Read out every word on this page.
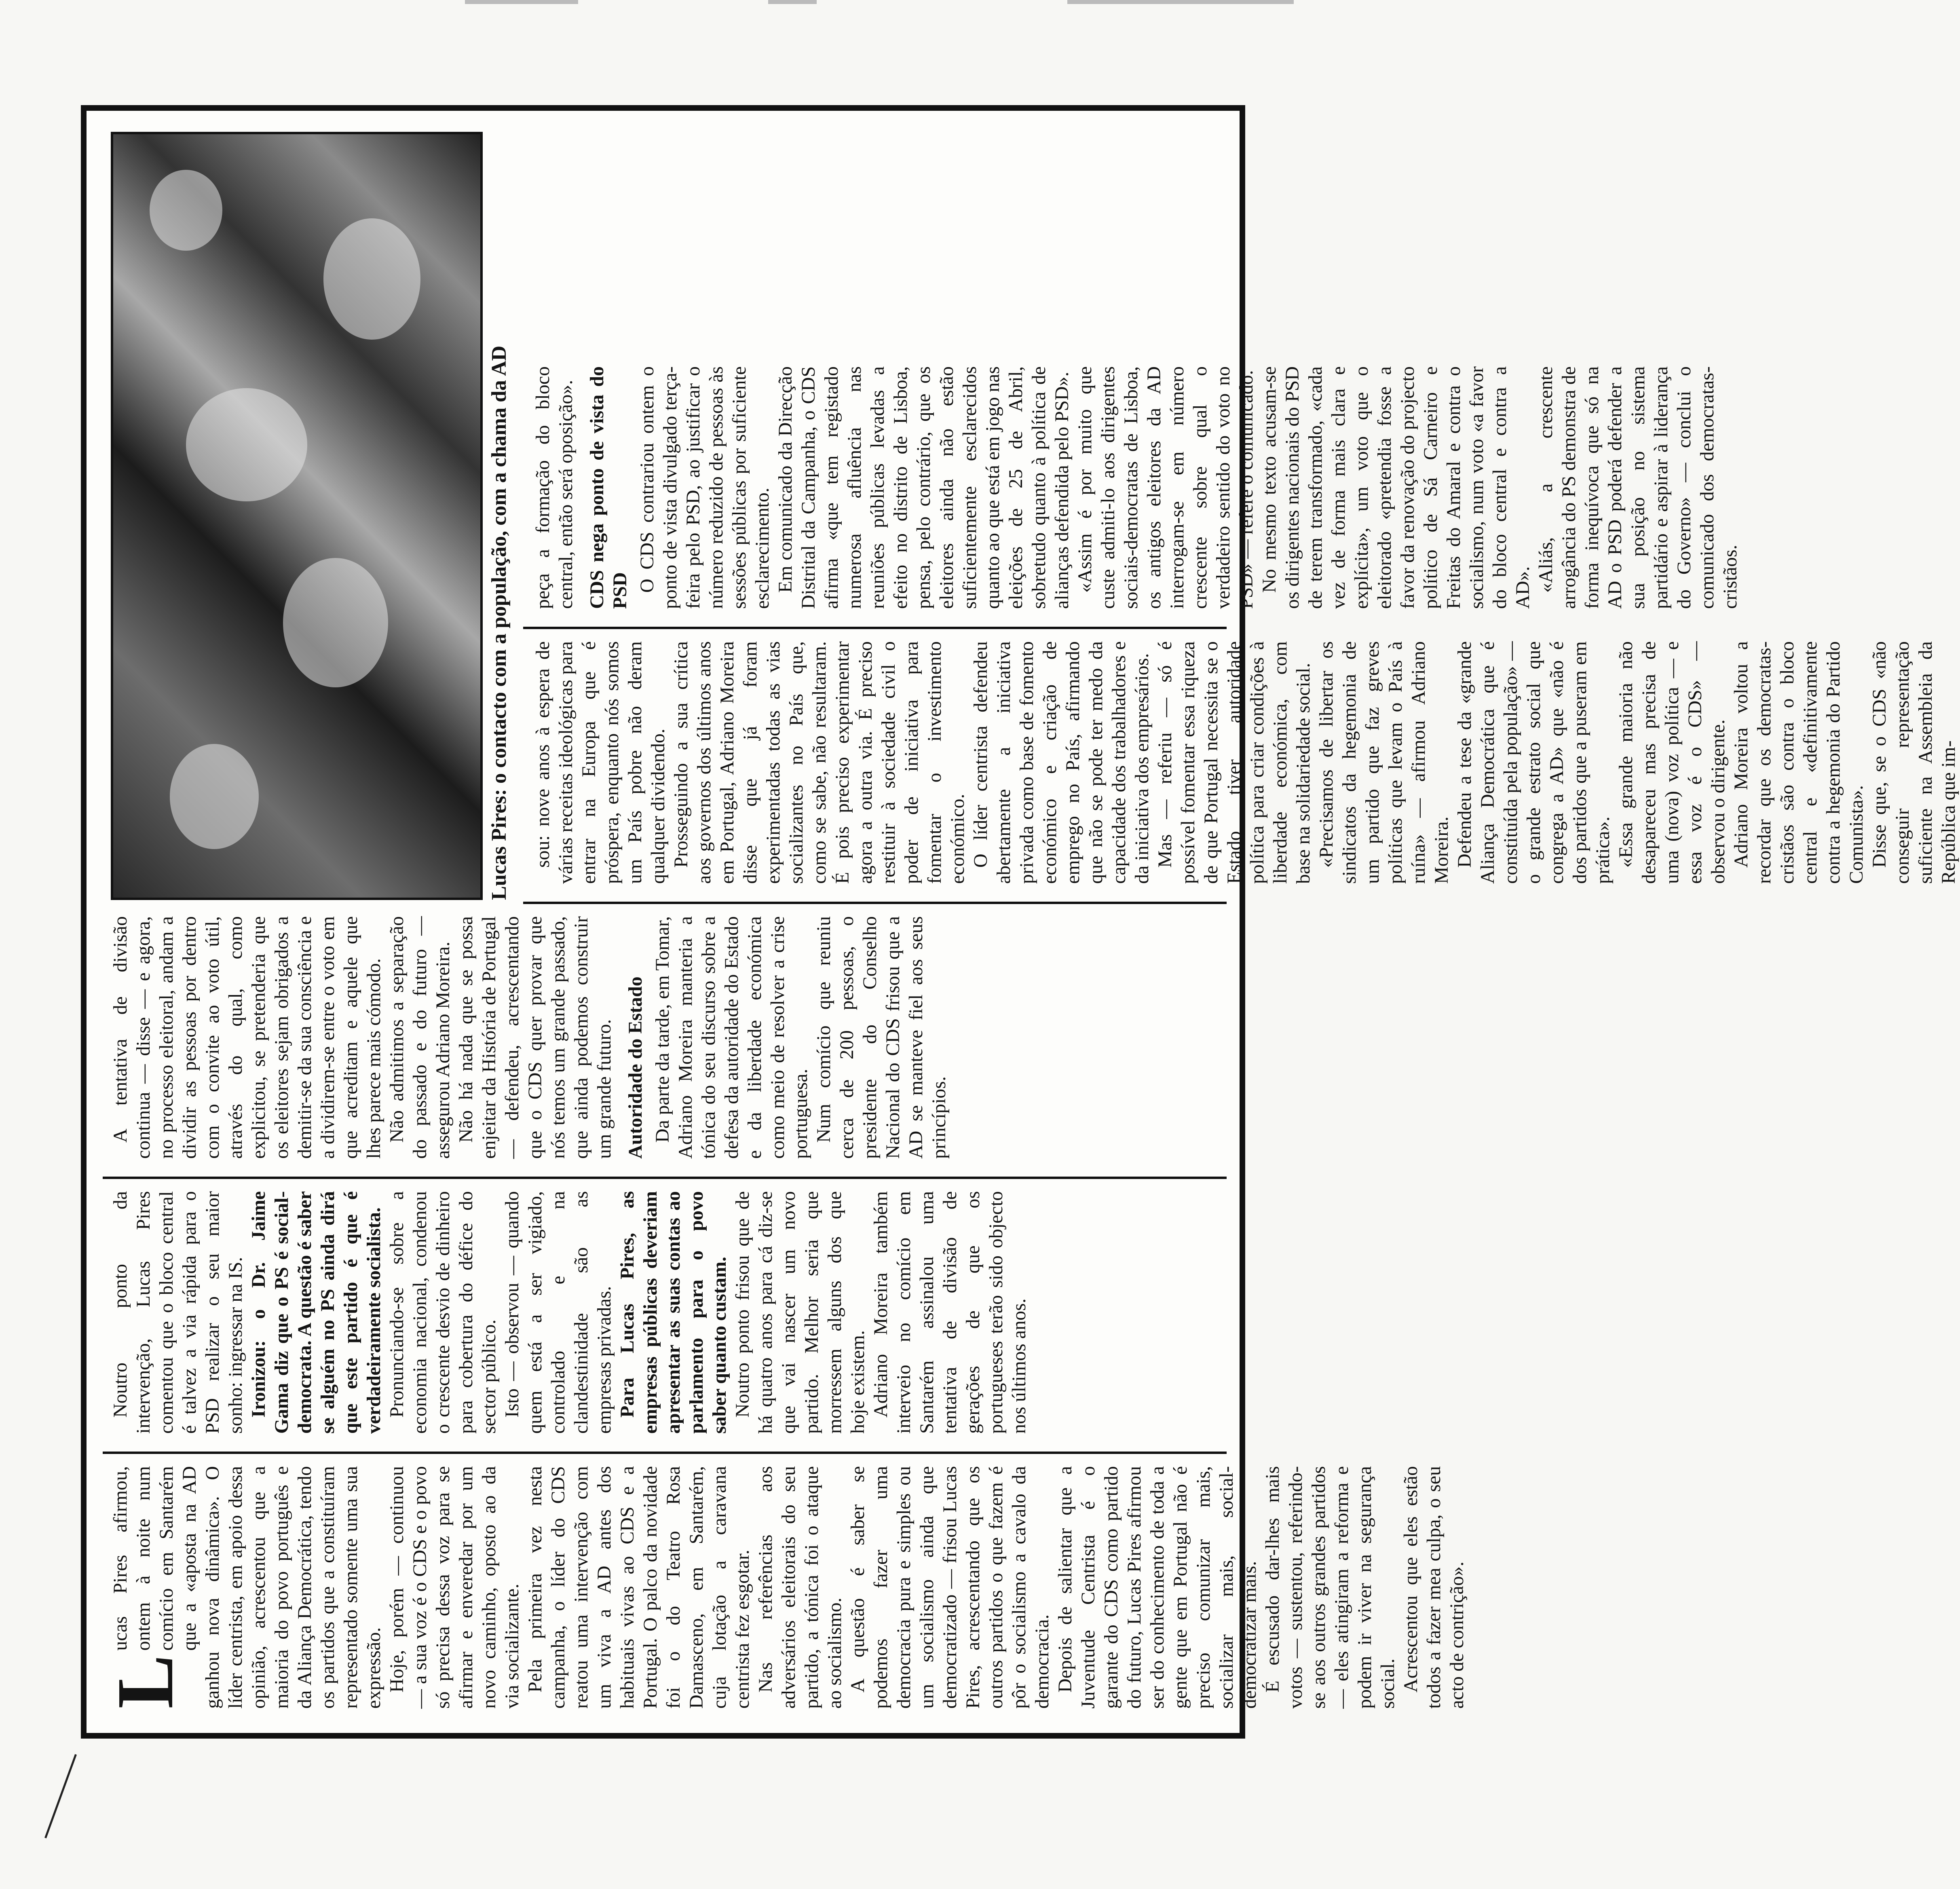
L
ucas Pires afirmou, ontem à noite num comício em Santarém que a «aposta na AD ganhou nova dinâmica». O líder centrista, em apoio dessa opinião, acrescentou que a maioria do povo português e da Aliança Democrática, tendo os partidos que a constituíram representado somente uma sua expressão. Hoje, porém — continuou — a sua voz é o CDS e o povo só precisa dessa voz para se afirmar e enveredar por um novo caminho, oposto ao da via socializante. Pela primeira vez nesta campanha, o líder do CDS reatou uma intervenção com um viva a AD antes dos habituais vivas ao CDS e a Portugal. O palco da novidade foi o do Teatro Rosa Damasceno, em Santarém, cuja lotação a caravana centrista fez esgotar. Nas referências aos adversários eleitorais do seu partido, a tónica foi o ataque ao socialismo. A questão é saber se podemos fazer uma democracia pura e simples ou um socialismo ainda que democratizado — frisou Lucas Pires, acrescentando que os outros partidos o que fazem é pôr o socialismo a cavalo da democracia. Depois de salientar que a Juventude Centrista é o garante do CDS como partido do futuro, Lucas Pires afirmou ser do conhecimento de toda a gente que em Portugal não é preciso comunizar mais, socializar mais, social-democratizar mais. É escusado dar-lhes mais votos — sustentou, referindo-se aos outros grandes partidos — eles atingiram a reforma e podem ir viver na segurança social. Acrescentou que eles estão todos a fazer mea culpa, o seu acto de contrição».

Lucas Pires: o contacto com a população, com a chama da AD

Noutro ponto da intervenção, Lucas Pires comentou que o bloco central é talvez a via rápida para o PSD realizar o seu maior sonho: ingressar na IS. Ironizou: o Dr. Jaime Gama diz que o PS é social-democrata. A questão é saber se alguém no PS ainda dirá que este partido é que é verdadeiramente socialista. Pronunciando-se sobre a economia nacional, condenou o crescente desvio de dinheiro para cobertura do défice do sector público. Isto — observou — quando quem está a ser vigiado, controlado e na clandestinidade são as empresas privadas. Para Lucas Pires, as empresas públicas deveriam apresentar as suas contas ao parlamento para o povo saber quanto custam. Noutro ponto frisou que de há quatro anos para cá diz-se que vai nascer um novo partido. Melhor seria que morressem alguns dos que hoje existem. Adriano Moreira também interveio no comício em Santarém assinalou uma tentativa de divisão de gerações de que os portugueses terão sido objecto nos últimos anos.

A tentativa de divisão continua — disse — e agora, no processo eleitoral, andam a dividir as pessoas por dentro com o convite ao voto útil, através do qual, como explicitou, se pretenderia que os eleitores sejam obrigados a demitir-se da sua consciência e a dividirem-se entre o voto em que acreditam e aquele que lhes parece mais cómodo. Não admitimos a separação do passado e do futuro — assegurou Adriano Moreira. Não há nada que se possa enjeitar da História de Portugal — defendeu, acrescentando que o CDS quer provar que nós temos um grande passado, que ainda podemos construir um grande futuro. Autoridade do Estado Da parte da tarde, em Tomar, Adriano Moreira manteria a tónica do seu discurso sobre a defesa da autoridade do Estado e da liberdade económica como meio de resolver a crise portuguesa. Num comício que reuniu cerca de 200 pessoas, o presidente do Conselho Nacional do CDS frisou que a AD se manteve fiel aos seus princípios.

sou: nove anos à espera de várias receitas ideológicas para entrar na Europa que é próspera, enquanto nós somos um País pobre não deram qualquer dividendo. Prosseguindo a sua crítica aos governos dos últimos anos em Portugal, Adriano Moreira disse que já foram experimentadas todas as vias socializantes no País que, como se sabe, não resultaram. É pois preciso experimentar agora a outra via. É preciso restituir à sociedade civil o poder de iniciativa para fomentar o investimento económico. O líder centrista defendeu abertamente a iniciativa privada como base de fomento económico e criação de emprego no País, afirmando que não se pode ter medo da capacidade dos trabalhadores e da iniciativa dos empresários. Mas — referiu — só é possível fomentar essa riqueza de que Portugal necessita se o Estado tiver autoridade política para criar condições à liberdade económica, com base na solidariedade social. «Precisamos de libertar os sindicatos da hegemonia de um partido que faz greves políticas que levam o País à ruína» — afirmou Adriano Moreira. Defendeu a tese da «grande Aliança Democrática que é constituída pela população» — o grande estrato social que congrega a AD» que «não é dos partidos que a puseram em prática». «Essa grande maioria não desapareceu mas precisa de uma (nova) voz política — e essa voz é o CDS» — observou o dirigente. Adriano Moreira voltou a recordar que os democratas-cristãos são contra o bloco central e «definitivamente contra a hegemonia do Partido Comunista». Disse que, se o CDS «não conseguir representação suficiente na Assembleia da República que im-

peça a formação do bloco central, então será oposição». CDS nega ponto de vista do PSD O CDS contrariou ontem o ponto de vista divulgado terça-feira pelo PSD, ao justificar o número reduzido de pessoas às sessões públicas por suficiente esclarecimento. Em comunicado da Direcção Distrital da Campanha, o CDS afirma «que tem registado numerosa afluência nas reuniões públicas levadas a efeito no distrito de Lisboa, pensa, pelo contrário, que os eleitores ainda não estão suficientemente esclarecidos quanto ao que está em jogo nas eleições de 25 de Abril, sobretudo quanto à política de alianças defendida pelo PSD». «Assim é por muito que custe admiti-lo aos dirigentes sociais-democratas de Lisboa, os antigos eleitores da AD interrogam-se em número crescente sobre qual o verdadeiro sentido do voto no PSD» — refere o comunicado. No mesmo texto acusam-se os dirigentes nacionais do PSD de terem transformado, «cada vez de forma mais clara e explícita», um voto que o eleitorado «pretendia fosse a favor da renovação do projecto político de Sá Carneiro e Freitas do Amaral e contra o socialismo, num voto «a favor do bloco central e contra a AD». «Aliás, a crescente arrogância do PS demonstra de forma inequívoca que só na AD o PSD poderá defender a sua posição no sistema partidário e aspirar à liderança do Governo» — conclui o comunicado dos democratas-cristãos.
